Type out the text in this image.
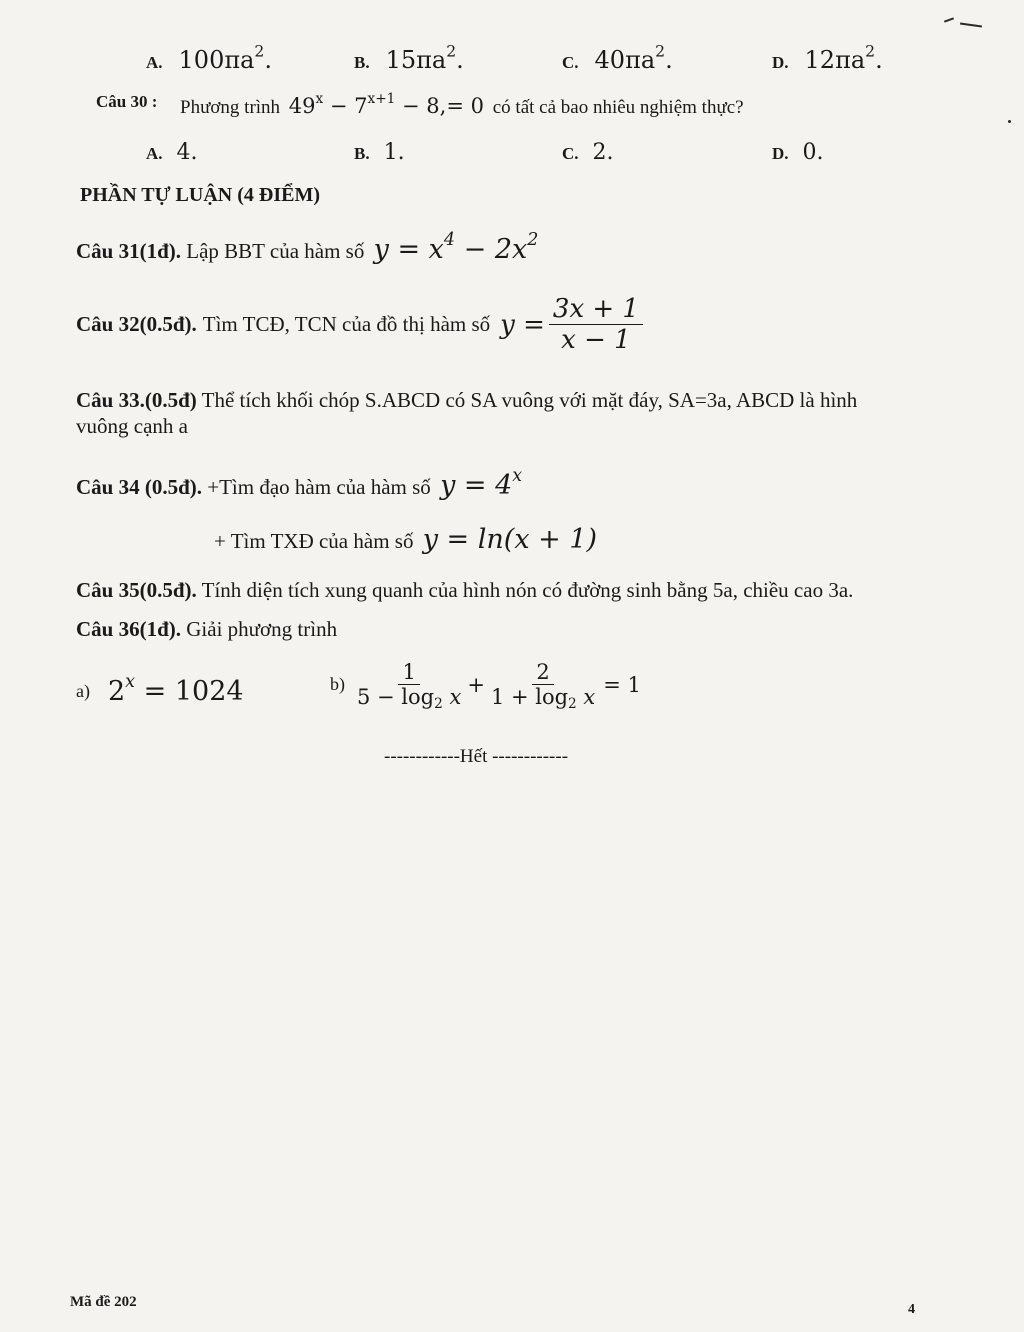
A. $100\pi a^2$.	B. $15\pi a^2$.	C. $40\pi a^2$.	D. $12\pi a^2$.
Câu 30 : Phương trình $49^x - 7^{x+1} - 8,= 0$ có tất cả bao nhiêu nghiệm thực?
A. 4.	B. 1.	C. 2.	D. 0.
PHẦN TỰ LUẬN (4 ĐIỂM)
Câu 31(1đ). Lập BBT của hàm số $y = x^4 - 2x^2$
Câu 32(0.5đ). Tìm TCĐ, TCN của đồ thị hàm số $y = \frac{3x + 1}{x - 1}$
Câu 33.(0.5đ) Thể tích khối chóp S.ABCD có SA vuông với mặt đáy, SA=3a, ABCD là hình
vuông cạnh a
Câu 34 (0.5đ). +Tìm đạo hàm của hàm số $y = 4^x$
+ Tìm TXĐ của hàm số y = ln(x + 1)
Câu 35(0.5đ). Tính diện tích xung quanh của hình nón có đường sinh bằng 5a, chiều cao 3a.
Câu 36(1đ). Giải phương trình
a) $2^x = 1024$	$b) \frac{1}{5 - \log_2 x} + \frac{2}{1 + \log_2 x} = 1$
------------Hết ------------
Mã đề 202	4
